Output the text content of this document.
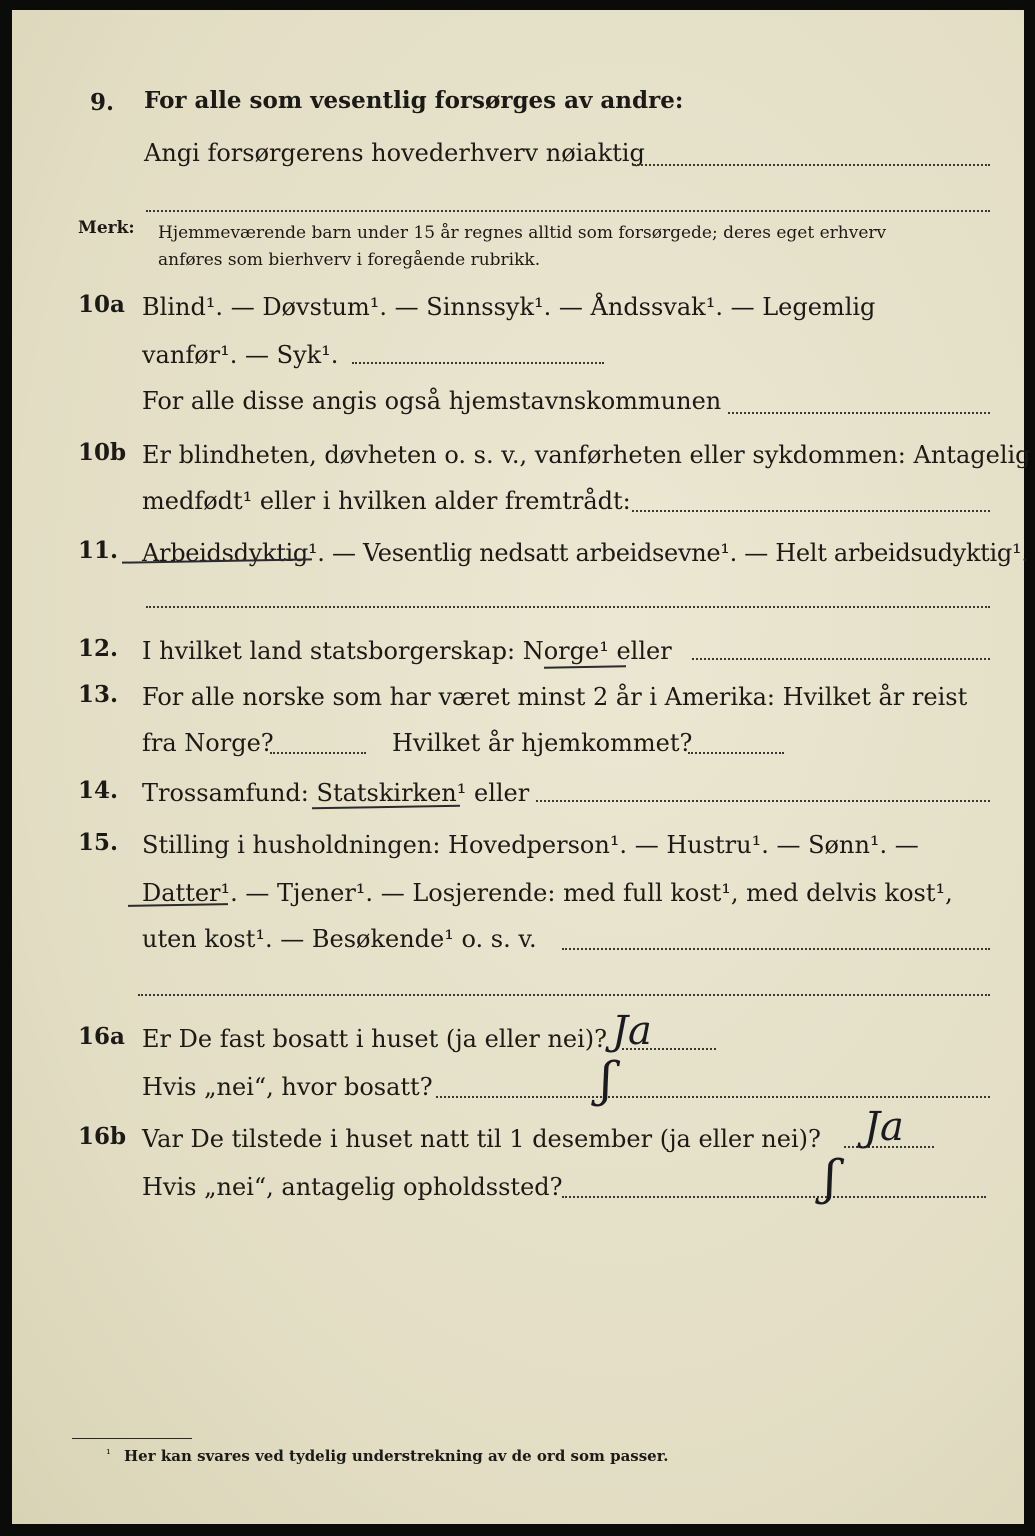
9. For alle som vesentlig forsørges av andre:
Angi forsørgerens hovederhverv nøiaktig
Merk: Hjemmeværende barn under 15 år regnes alltid som forsørgede; deres eget erhverv
anføres som bierhverv i foregående rubrikk.
10a Blind¹. — Døvstum¹. — Sinnssyk¹. — Åndssvak¹. — Legemlig
vanfør¹. — Syk¹.
For alle disse angis også hjemstavnskommunen
10b Er blindheten, døvheten o. s. v., vanførheten eller sykdommen: Antagelig
medfødt¹ eller i hvilken alder fremtrådt:
11. Arbeidsdyktig¹. — Vesentlig nedsatt arbeidsevne¹. — Helt arbeidsudyktig¹.
12. I hvilket land statsborgerskap: Norge¹ eller
13. For alle norske som har været minst 2 år i Amerika: Hvilket år reist
fra Norge?	Hvilket år hjemkommet?
14. Trossamfund: Statskirken¹ eller
15. Stilling i husholdningen: Hovedperson¹. — Hustru¹. — Sønn¹. —
Datter¹. — Tjener¹. — Losjerende: med full kost¹, med delvis kost¹,
uten kost¹. — Besøkende¹ o. s. v.
16a Er De fast bosatt i huset (ja eller nei)? Ja
Hvis „nei“, hvor bosatt?	ʃ
16b Var De tilstede i huset natt til 1 desember (ja eller nei)? Ja
Hvis „nei“, antagelig opholdssted?	ʃ
¹ Her kan svares ved tydelig understrekning av de ord som passer.
